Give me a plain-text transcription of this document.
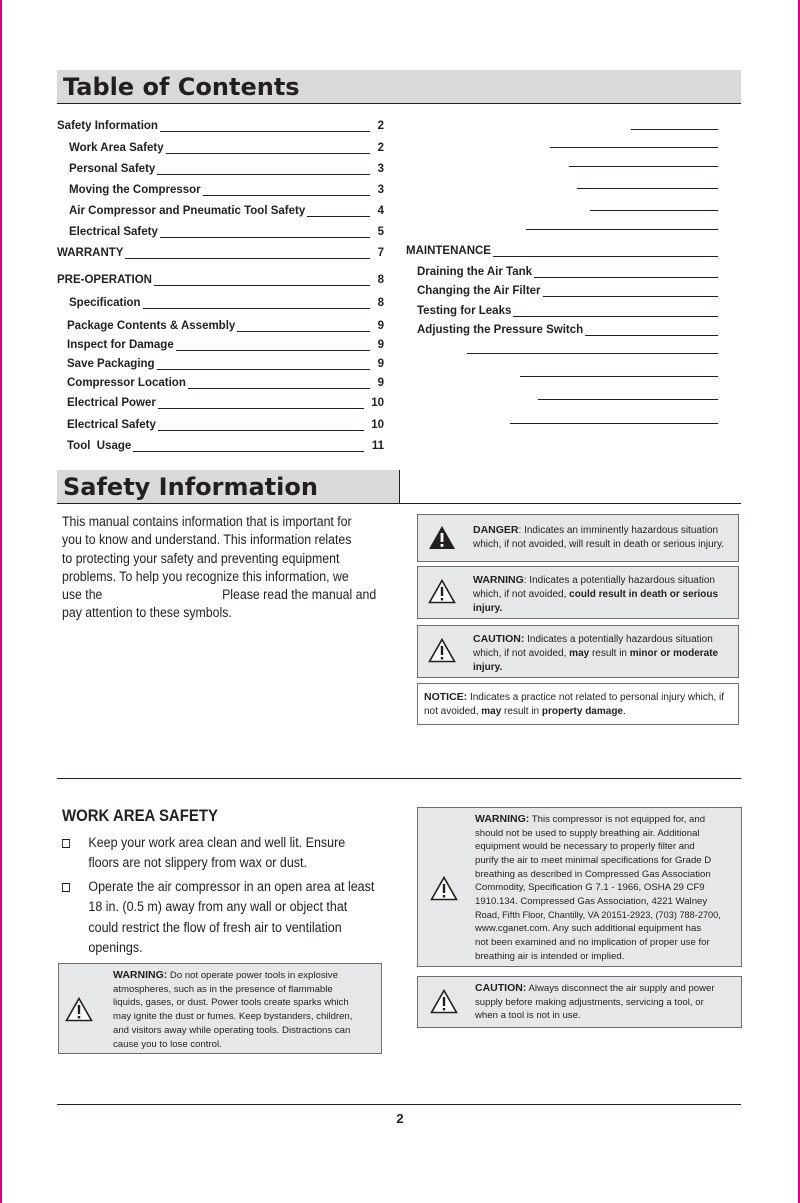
Table of Contents
Safety Information	2
Work Area Safety	2
Personal Safety	3
Moving the Compressor	3
Air Compressor and Pneumatic Tool Safety	4
Electrical Safety	5
WARRANTY	7
PRE-OPERATION	8
Specification	8
Package Contents & Assembly	9
Inspect for Damage	9
Save Packaging	9
Compressor Location	9
Electrical Power	10
Electrical Safety	10
Tool  Usage	11
MAINTENANCE
Draining the Air Tank
Changing the Air Filter
Testing for Leaks
Adjusting the Pressure Switch
Safety Information
This manual contains information that is important for
you to know and understand. This information relates
to protecting your safety and preventing equipment
problems. To help you recognize this information, we
use the	Please read the manual and
pay attention to these symbols.
DANGER: Indicates an imminently hazardous situation
which, if not avoided, will result in death or serious injury.
WARNING: Indicates a potentially hazardous situation
which, if not avoided, could result in death or serious
injury.
CAUTION: Indicates a potentially hazardous situation
which, if not avoided, may result in minor or moderate
injury.
NOTICE: Indicates a practice not related to personal injury which, if
not avoided, may result in property damage.
WORK AREA SAFETY
Keep your work area clean and well lit. Ensure
floors are not slippery from wax or dust.
Operate the air compressor in an open area at least
18 in. (0.5 m) away from any wall or object that
could restrict the flow of fresh air to ventilation
openings.
WARNING: Do not operate power tools in explosive
atmospheres, such as in the presence of flammable
liquids, gases, or dust. Power tools create sparks which
may ignite the dust or fumes. Keep bystanders, children,
and visitors away while operating tools. Distractions can
cause you to lose control.
WARNING: This compressor is not equipped for, and
should not be used to supply breathing air. Additional
equipment would be necessary to properly filter and
purify the air to meet minimal specifications for Grade D
breathing as described in Compressed Gas Association
Commodity, Specification G 7.1 - 1966, OSHA 29 CF9
1910.134. Compressed Gas Association, 4221 Walney
Road, Fifth Floor, Chantilly, VA 20151-2923, (703) 788-2700,
www.cganet.com. Any such additional equipment has
not been examined and no implication of proper use for
breathing air is intended or implied.
CAUTION: Always disconnect the air supply and power
supply before making adjustments, servicing a tool, or
when a tool is not in use.
2
